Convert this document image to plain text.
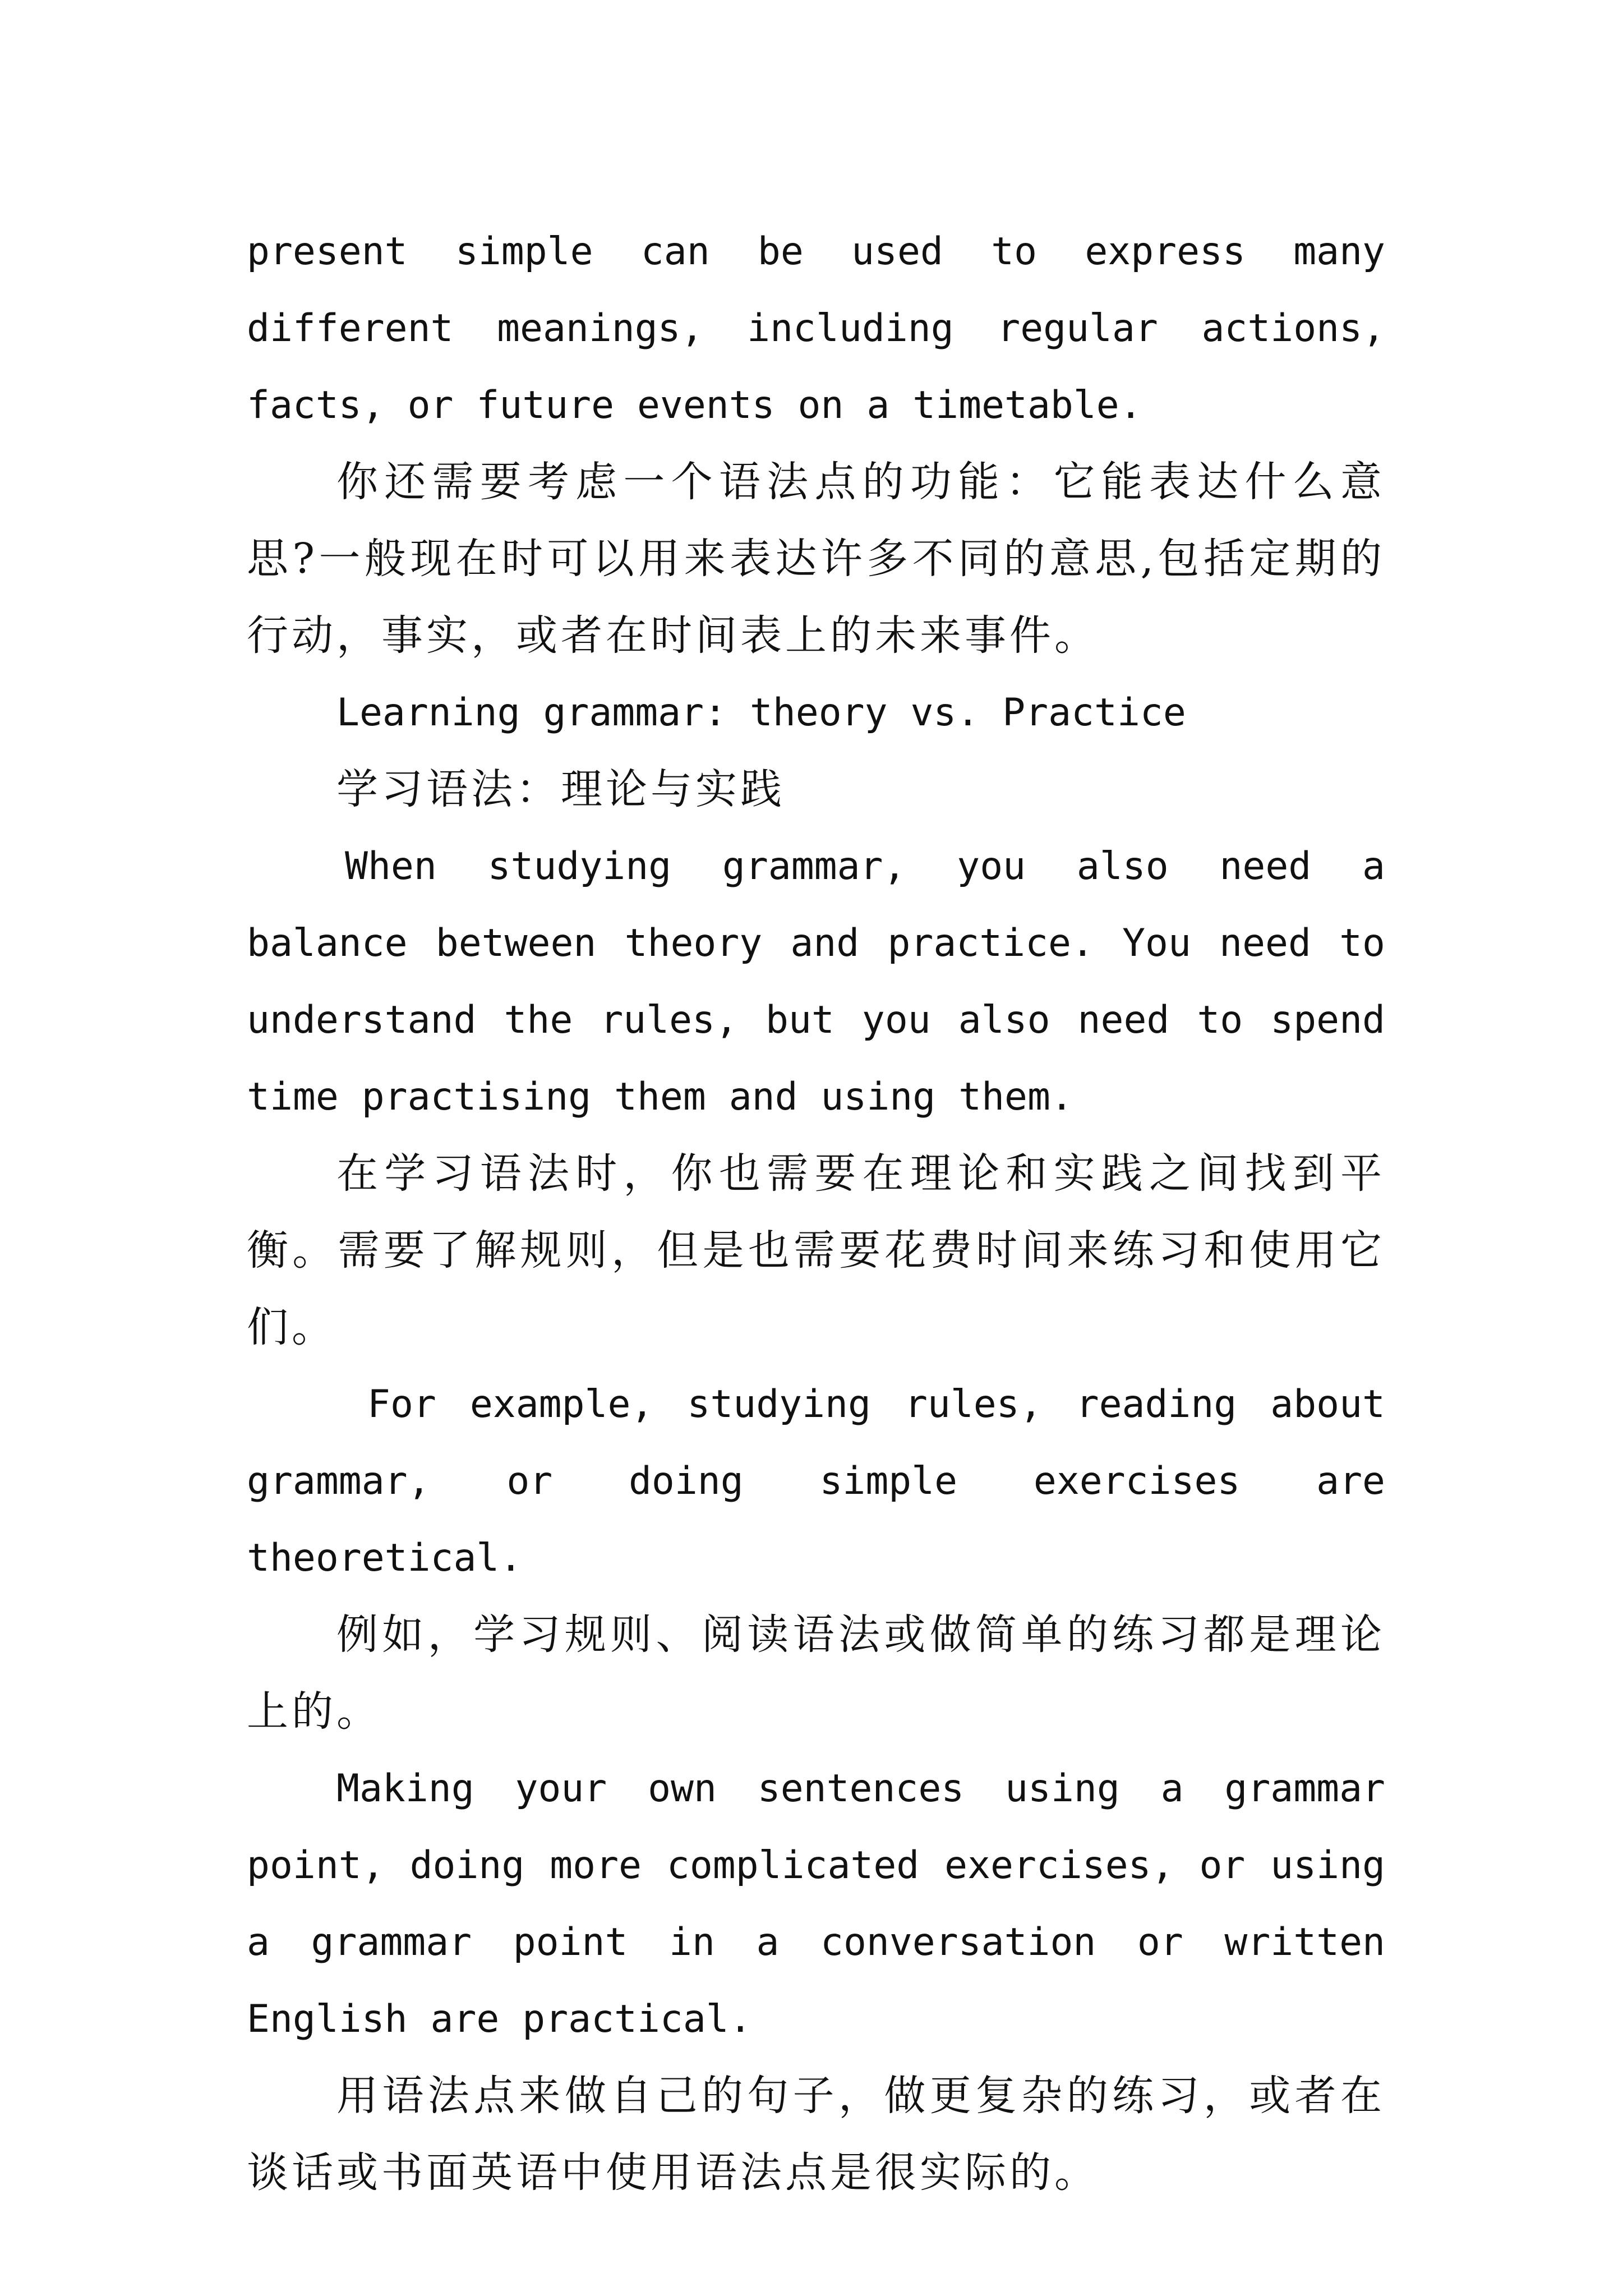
present simple can be used to express many different meanings, including regular actions, facts, or future events on a timetable.

你还需要考虑一个语法点的功能：它能表达什么意思?一般现在时可以用来表达许多不同的意思,包括定期的行动，事实，或者在时间表上的未来事件。

Learning grammar: theory vs. Practice

学习语法：理论与实践

When studying grammar, you also need a balance between theory and practice. You need to understand the rules, but you also need to spend time practising them and using them.

在学习语法时，你也需要在理论和实践之间找到平衡。需要了解规则，但是也需要花费时间来练习和使用它们。

For example, studying rules, reading about grammar, or doing simple exercises are theoretical.

例如，学习规则、阅读语法或做简单的练习都是理论上的。

Making your own sentences using a grammar point, doing more complicated exercises, or using a grammar point in a conversation or written English are practical.

用语法点来做自己的句子，做更复杂的练习，或者在谈话或书面英语中使用语法点是很实际的。
